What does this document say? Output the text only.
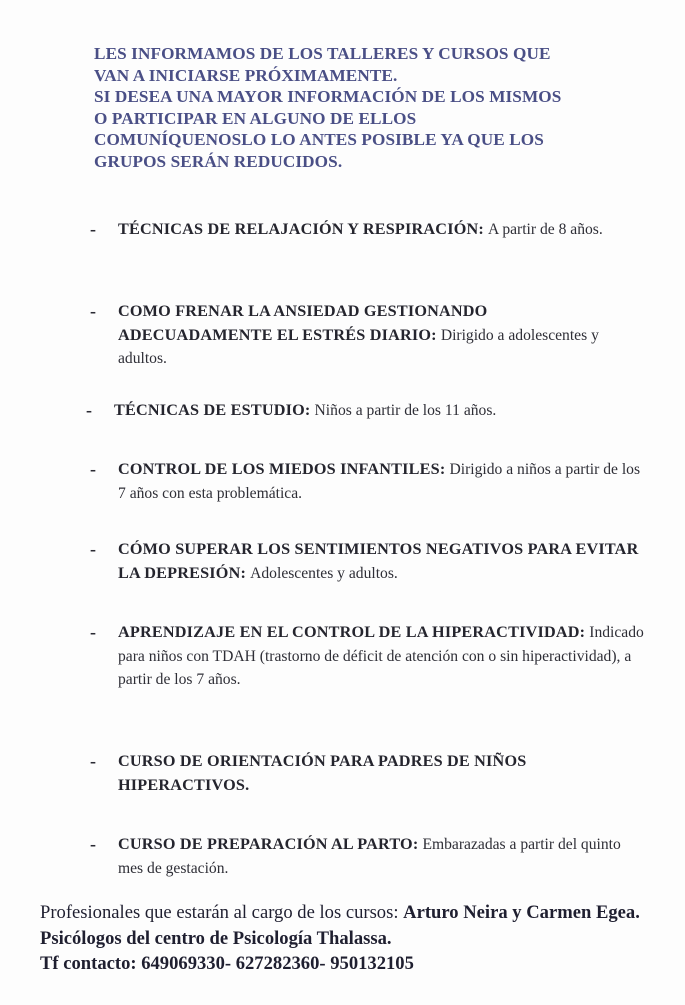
LES INFORMAMOS DE LOS TALLERES Y CURSOS QUE
VAN A INICIARSE PRÓXIMAMENTE.
SI DESEA UNA MAYOR INFORMACIÓN DE LOS MISMOS
O PARTICIPAR EN ALGUNO DE ELLOS
COMUNÍQUENOSLO LO ANTES POSIBLE YA QUE LOS
GRUPOS SERÁN REDUCIDOS.
- TÉCNICAS DE RELAJACIÓN Y RESPIRACIÓN: A partir de 8 años.
- COMO FRENAR LA ANSIEDAD GESTIONANDO ADECUADAMENTE EL ESTRÉS DIARIO: Dirigido a adolescentes y adultos.
- TÉCNICAS DE ESTUDIO: Niños a partir de los 11 años.
- CONTROL DE LOS MIEDOS INFANTILES: Dirigido a niños a partir de los 7 años con esta problemática.
- CÓMO SUPERAR LOS SENTIMIENTOS NEGATIVOS PARA EVITAR LA DEPRESIÓN: Adolescentes y adultos.
- APRENDIZAJE EN EL CONTROL DE LA HIPERACTIVIDAD: Indicado para niños con TDAH (trastorno de déficit de atención con o sin hiperactividad), a partir de los 7 años.
- CURSO DE ORIENTACIÓN PARA PADRES DE NIÑOS HIPERACTIVOS.
- CURSO DE PREPARACIÓN AL PARTO: Embarazadas a partir del quinto mes de gestación.
Profesionales que estarán al cargo de los cursos: Arturo Neira y Carmen Egea. Psicólogos del centro de Psicología Thalassa.
Tf contacto: 649069330- 627282360- 950132105
